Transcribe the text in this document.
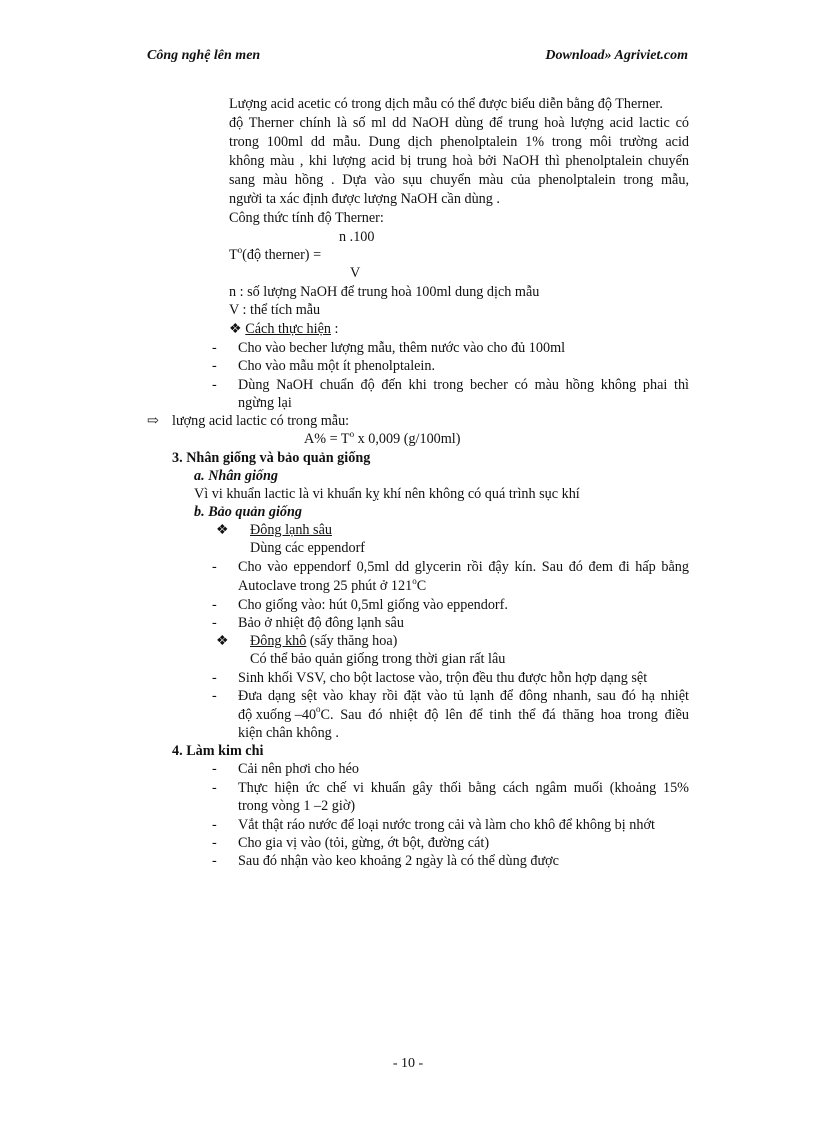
Công nghệ lên men	Download» Agriviet.com
Lượng acid acetic có trong dịch mẫu có thể được biểu diễn bằng độ Therner.
độ Therner chính là số ml dd NaOH dùng để trung hoà lượng acid lactic có
trong 100ml dd mẫu. Dung dịch phenolptalein 1% trong môi trường acid
không màu , khi lượng acid bị trung hoà bởi NaOH thì phenolptalein chuyển
sang màu hồng . Dựa vào sụu chuyển màu của phenolptalein trong mẫu,
người ta xác định được lượng NaOH cần dùng .
Công thức tính độ Therner:
n .100
$T^o(độ$ therner) =
V
n : số lượng NaOH để trung hoà 100ml dung dịch mẫu
V : thể tích mẫu
❖ Cách thực hiện :
- Cho vào becher lượng mẫu, thêm nước vào cho đủ 100ml
- Cho vào mẫu một ít phenolptalein.
- Dùng NaOH chuẩn độ đến khi trong becher có màu hồng không phai thì
ngừng lại
⇨ lượng acid lactic có trong mẫu:
$A\% = T^o$ x 0,009 (g/100ml)
3. Nhân giống và bảo quản giống
a. Nhân giống
Vì vi khuẩn lactic là vi khuẩn kỵ khí nên không có quá trình sục khí
b. Bảo quản giống
❖ Đông lạnh sâu
Dùng các eppendorf
- Cho vào eppendorf 0,5ml dd glycerin rồi đậy kín. Sau đó đem đi hấp bằng
Autoclave trong 25 phút ở 121$^o$C
- Cho giống vào: hút 0,5ml giống vào eppendorf.
- Bảo ở nhiệt độ đông lạnh sâu
❖ Đông khô (sấy thăng hoa)
Có thể bảo quản giống trong thời gian rất lâu
- Sinh khối VSV, cho bột lactose vào, trộn đều thu được hỗn hợp dạng sệt
- Đưa dạng sệt vào khay rồi đặt vào tủ lạnh để đông nhanh, sau đó hạ nhiệt
độ xuống –40 o C. Sau đó nhiệt độ lên để tinh thể đá thăng hoa trong điều
kiện chân không .
4. Làm kim chi
- Cải nên phơi cho héo
- Thực hiện ức chế vi khuẩn gây thối bằng cách ngâm muối (khoảng 15%
trong vòng 1 –2 giờ)
- Vắt thật ráo nước để loại nước trong cải và làm cho khô để không bị nhớt
- Cho gia vị vào (tỏi, gừng, ớt bột, đường cát)
- Sau đó nhận vào keo khoảng 2 ngày là có thể dùng được
- 10 -
